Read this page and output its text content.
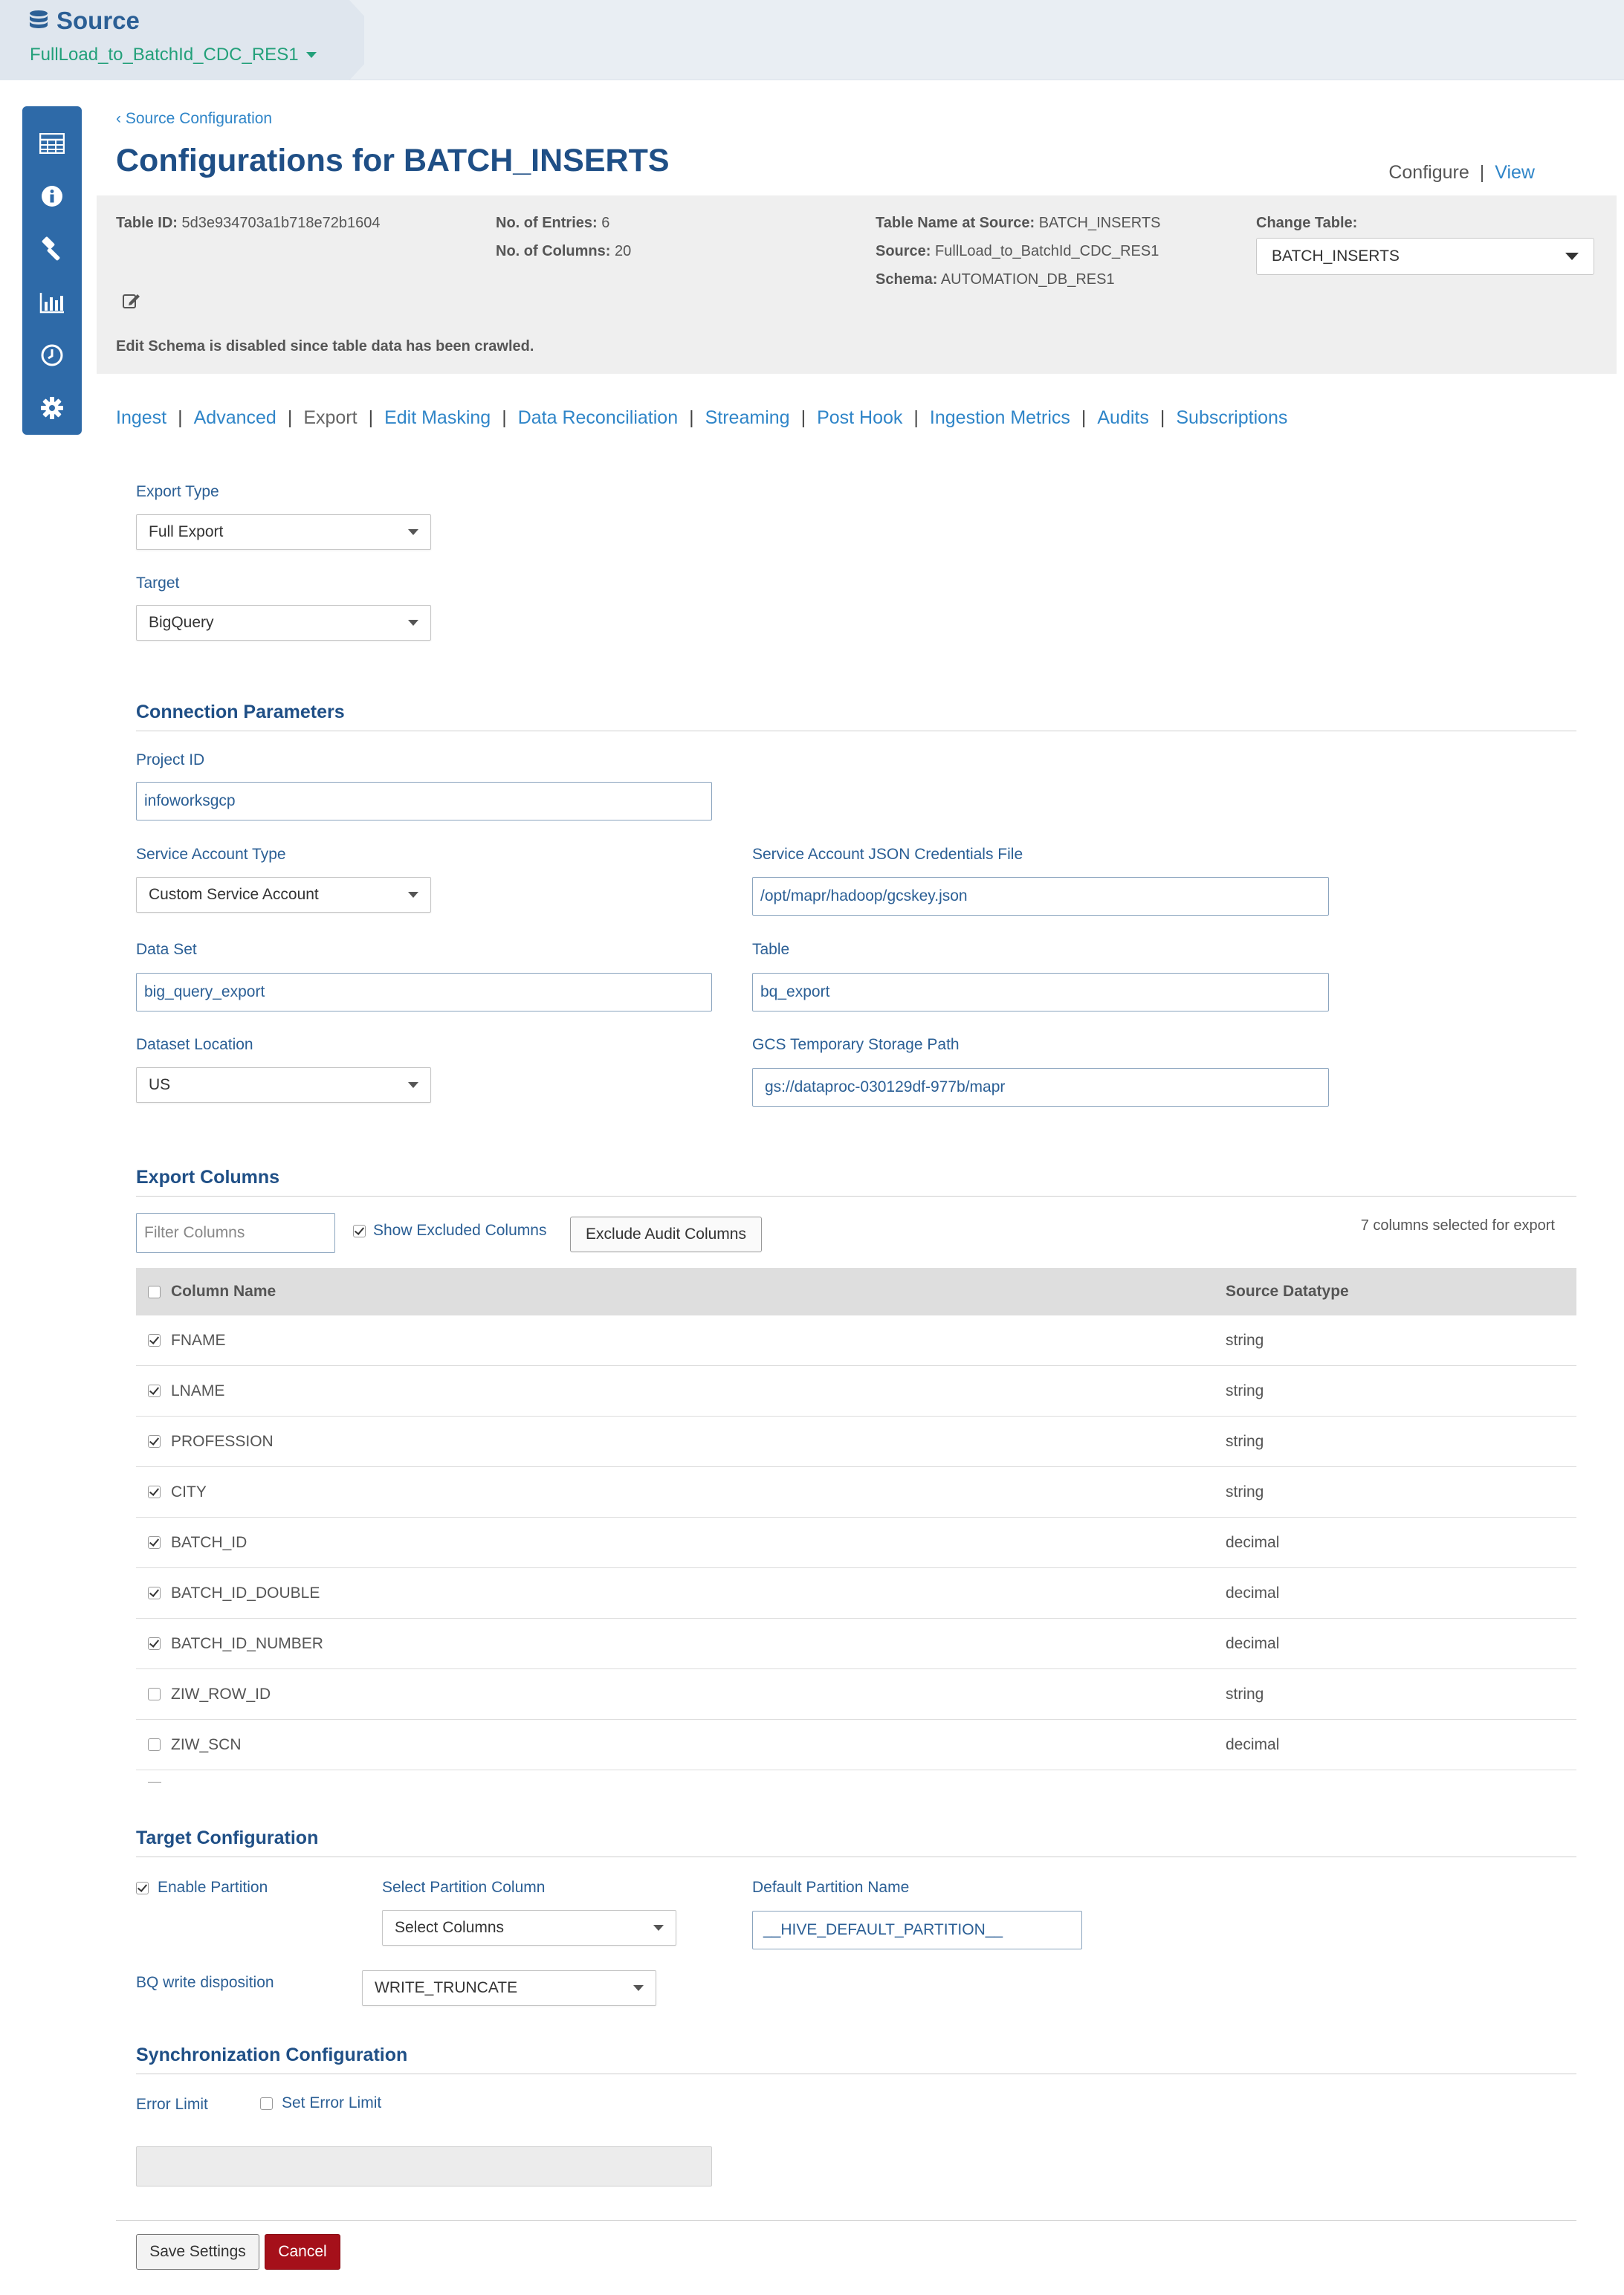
Source
FullLoad_to_BatchId_CDC_RES1
‹ Source Configuration
Configurations for BATCH_INSERTS	Configure | View
Table ID: 5d3e934703a1b718e72b1604	No. of Entries: 6
No. of Columns: 20
Table Name at Source: BATCH_INSERTS
Source: FullLoad_to_BatchId_CDC_RES1
Schema: AUTOMATION_DB_RES1
Change Table:
Edit Schema is disabled since table data has been crawled.
BATCH_INSERTS
Ingest | Advanced | Export | Edit Masking | Data Reconciliation | Streaming | Post Hook | Ingestion Metrics | Audits | Subscriptions
Export Type
Full Export
Target
BigQuery
Connection Parameters
Project ID
infoworksgcp
Service Account Type
Custom Service Account
Service Account JSON Credentials File
/opt/mapr/hadoop/gcskey.json
Data Set
big_query_export
Table
bq_export
Dataset Location
US
GCS Temporary Storage Path
gs://dataproc-030129df-977b/mapr
Export Columns
Filter Columns	Show Excluded Columns	Exclude Audit Columns	7 columns selected for export
Column Name	Source Datatype
FNAME	string
LNAME	string
PROFESSION	string
CITY	string
BATCH_ID	decimal
BATCH_ID_DOUBLE	decimal
BATCH_ID_NUMBER	decimal
ZIW_ROW_ID	string
ZIW_SCN	decimal
—
Target Configuration
Enable Partition	Select Partition Column
Select Columns
Default Partition Name
__HIVE_DEFAULT_PARTITION__
BQ write disposition	WRITE_TRUNCATE
Synchronization Configuration
Error Limit	Set Error Limit
Save Settings	Cancel
